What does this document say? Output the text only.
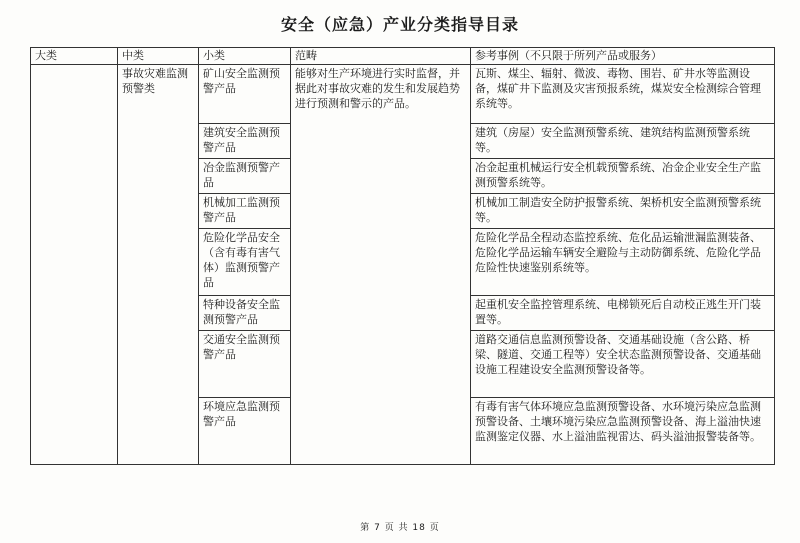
安全（应急）产业分类指导目录
大类	中类	小类	范畴	参考事例（不只限于所列产品或服务）
	事故灾难监测预警类	矿山安全监测预警产品	能够对生产环境进行实时监督，并据此对事故灾难的发生和发展趋势进行预测和警示的产品。	瓦斯、煤尘、辐射、微波、毒物、围岩、矿井水等监测设备，煤矿井下监测及灾害预报系统，煤炭安全检测综合管理系统等。
		建筑安全监测预警产品		建筑（房屋）安全监测预警系统、建筑结构监测预警系统等。
		冶金监测预警产品		冶金起重机械运行安全机载预警系统、冶金企业安全生产监测预警系统等。
		机械加工监测预警产品		机械加工制造安全防护报警系统、架桥机安全监测预警系统等。
		危险化学品安全（含有毒有害气体）监测预警产品		危险化学品全程动态监控系统、危化品运输泄漏监测装备、危险化学品运输车辆安全避险与主动防御系统、危险化学品危险性快速鉴别系统等。
		特种设备安全监测预警产品		起重机安全监控管理系统、电梯锁死后自动校正逃生开门装置等。
		交通安全监测预警产品		道路交通信息监测预警设备、交通基础设施（含公路、桥梁、隧道、交通工程等）安全状态监测预警设备、交通基础设施工程建设安全监测预警设备等。
		环境应急监测预警产品		有毒有害气体环境应急监测预警设备、水环境污染应急监测预警设备、土壤环境污染应急监测预警设备、海上溢油快速监测鉴定仪器、水上溢油监视雷达、码头溢油报警装备等。
第 7 页 共 18 页
